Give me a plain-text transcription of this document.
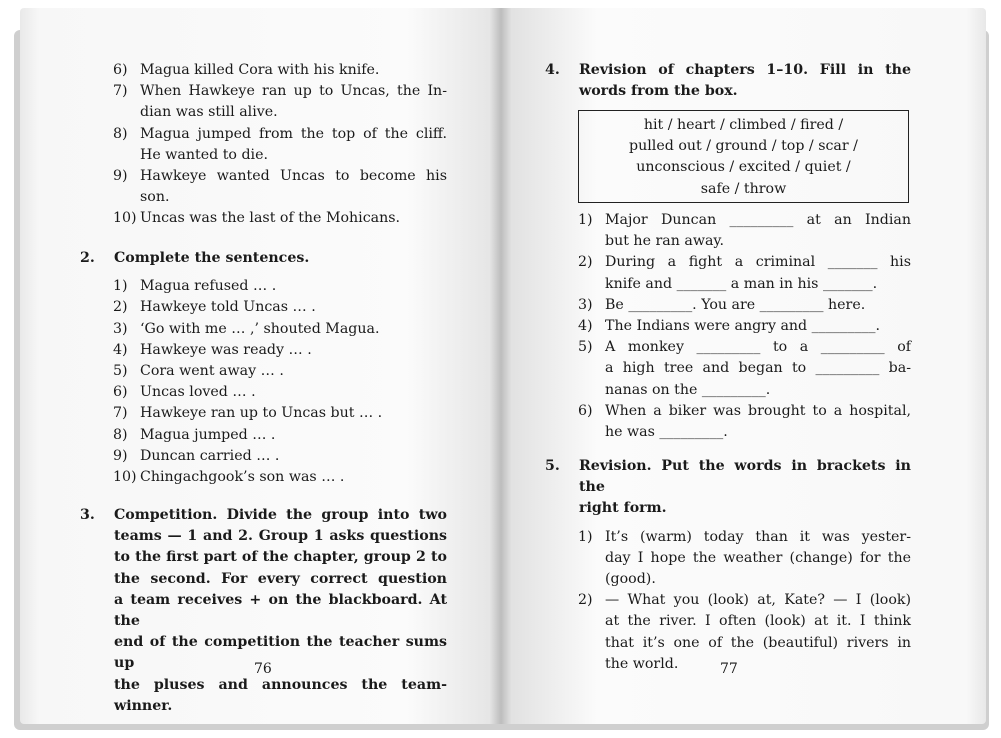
6) Magua killed Cora with his knife.
7) When Hawkeye ran up to Uncas, the In-
dian was still alive.
8) Magua jumped from the top of the cliff.
He wanted to die.
9) Hawkeye wanted Uncas to become his
son.
10) Uncas was the last of the Mohicans.
2. Complete the sentences.
1) Magua refused … .
2) Hawkeye told Uncas … .
3) ‘Go with me … ,’ shouted Magua.
4) Hawkeye was ready … .
5) Cora went away … .
6) Uncas loved … .
7) Hawkeye ran up to Uncas but … .
8) Magua jumped … .
9) Duncan carried … .
10) Chingachgook’s son was … .
3. Competition. Divide the group into two
teams — 1 and 2. Group 1 asks questions
to the first part of the chapter, group 2 to
the second. For every correct question
a team receives + on the blackboard. At the
end of the competition the teacher sums up
the pluses and announces the team-winner.
76
4. Revision of chapters 1–10. Fill in the
words from the box.
hit / heart / climbed / fired /
pulled out / ground / top / scar /
unconscious / excited / quiet /
safe / throw
1) Major Duncan _________ at an Indian
but he ran away.
2) During a fight a criminal _______ his
knife and _______ a man in his _______.
3) Be _________. You are _________ here.
4) The Indians were angry and _________.
5) A monkey _________ to a _________ of
a high tree and began to _________ ba-
nanas on the _________.
6) When a biker was brought to a hospital,
he was _________.
5. Revision. Put the words in brackets in the
right form.
1) It’s (warm) today than it was yester-
day I hope the weather (change) for the
(good).
2) — What you (look) at, Kate? — I (look)
at the river. I often (look) at it. I think
that it’s one of the (beautiful) rivers in
the world.	77
